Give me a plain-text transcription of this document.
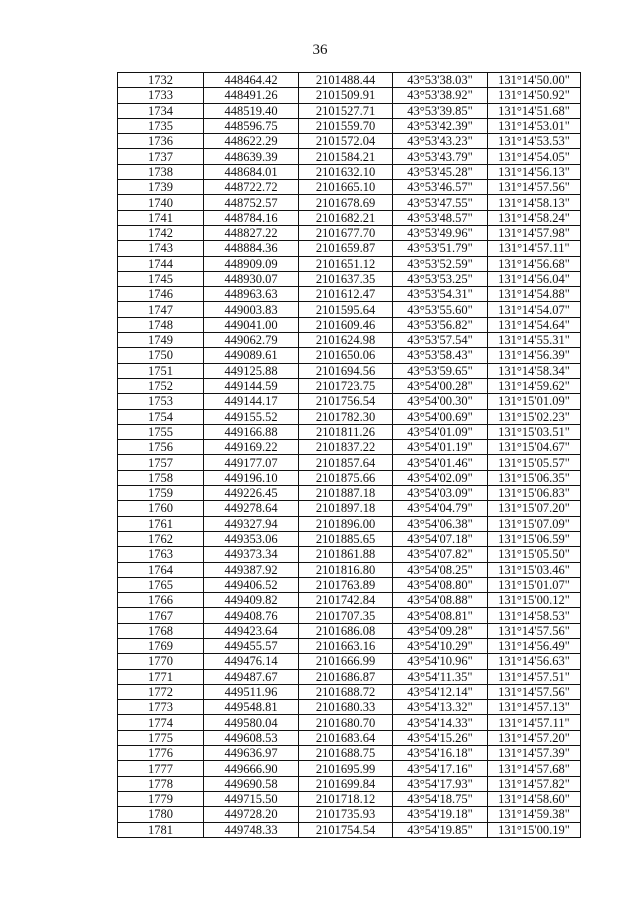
36
1732	448464.42	2101488.44	43°53'38.03"	131°14'50.00"
1733	448491.26	2101509.91	43°53'38.92"	131°14'50.92"
1734	448519.40	2101527.71	43°53'39.85"	131°14'51.68"
1735	448596.75	2101559.70	43°53'42.39"	131°14'53.01"
1736	448622.29	2101572.04	43°53'43.23"	131°14'53.53"
1737	448639.39	2101584.21	43°53'43.79"	131°14'54.05"
1738	448684.01	2101632.10	43°53'45.28"	131°14'56.13"
1739	448722.72	2101665.10	43°53'46.57"	131°14'57.56"
1740	448752.57	2101678.69	43°53'47.55"	131°14'58.13"
1741	448784.16	2101682.21	43°53'48.57"	131°14'58.24"
1742	448827.22	2101677.70	43°53'49.96"	131°14'57.98"
1743	448884.36	2101659.87	43°53'51.79"	131°14'57.11"
1744	448909.09	2101651.12	43°53'52.59"	131°14'56.68"
1745	448930.07	2101637.35	43°53'53.25"	131°14'56.04"
1746	448963.63	2101612.47	43°53'54.31"	131°14'54.88"
1747	449003.83	2101595.64	43°53'55.60"	131°14'54.07"
1748	449041.00	2101609.46	43°53'56.82"	131°14'54.64"
1749	449062.79	2101624.98	43°53'57.54"	131°14'55.31"
1750	449089.61	2101650.06	43°53'58.43"	131°14'56.39"
1751	449125.88	2101694.56	43°53'59.65"	131°14'58.34"
1752	449144.59	2101723.75	43°54'00.28"	131°14'59.62"
1753	449144.17	2101756.54	43°54'00.30"	131°15'01.09"
1754	449155.52	2101782.30	43°54'00.69"	131°15'02.23"
1755	449166.88	2101811.26	43°54'01.09"	131°15'03.51"
1756	449169.22	2101837.22	43°54'01.19"	131°15'04.67"
1757	449177.07	2101857.64	43°54'01.46"	131°15'05.57"
1758	449196.10	2101875.66	43°54'02.09"	131°15'06.35"
1759	449226.45	2101887.18	43°54'03.09"	131°15'06.83"
1760	449278.64	2101897.18	43°54'04.79"	131°15'07.20"
1761	449327.94	2101896.00	43°54'06.38"	131°15'07.09"
1762	449353.06	2101885.65	43°54'07.18"	131°15'06.59"
1763	449373.34	2101861.88	43°54'07.82"	131°15'05.50"
1764	449387.92	2101816.80	43°54'08.25"	131°15'03.46"
1765	449406.52	2101763.89	43°54'08.80"	131°15'01.07"
1766	449409.82	2101742.84	43°54'08.88"	131°15'00.12"
1767	449408.76	2101707.35	43°54'08.81"	131°14'58.53"
1768	449423.64	2101686.08	43°54'09.28"	131°14'57.56"
1769	449455.57	2101663.16	43°54'10.29"	131°14'56.49"
1770	449476.14	2101666.99	43°54'10.96"	131°14'56.63"
1771	449487.67	2101686.87	43°54'11.35"	131°14'57.51"
1772	449511.96	2101688.72	43°54'12.14"	131°14'57.56"
1773	449548.81	2101680.33	43°54'13.32"	131°14'57.13"
1774	449580.04	2101680.70	43°54'14.33"	131°14'57.11"
1775	449608.53	2101683.64	43°54'15.26"	131°14'57.20"
1776	449636.97	2101688.75	43°54'16.18"	131°14'57.39"
1777	449666.90	2101695.99	43°54'17.16"	131°14'57.68"
1778	449690.58	2101699.84	43°54'17.93"	131°14'57.82"
1779	449715.50	2101718.12	43°54'18.75"	131°14'58.60"
1780	449728.20	2101735.93	43°54'19.18"	131°14'59.38"
1781	449748.33	2101754.54	43°54'19.85"	131°15'00.19"
